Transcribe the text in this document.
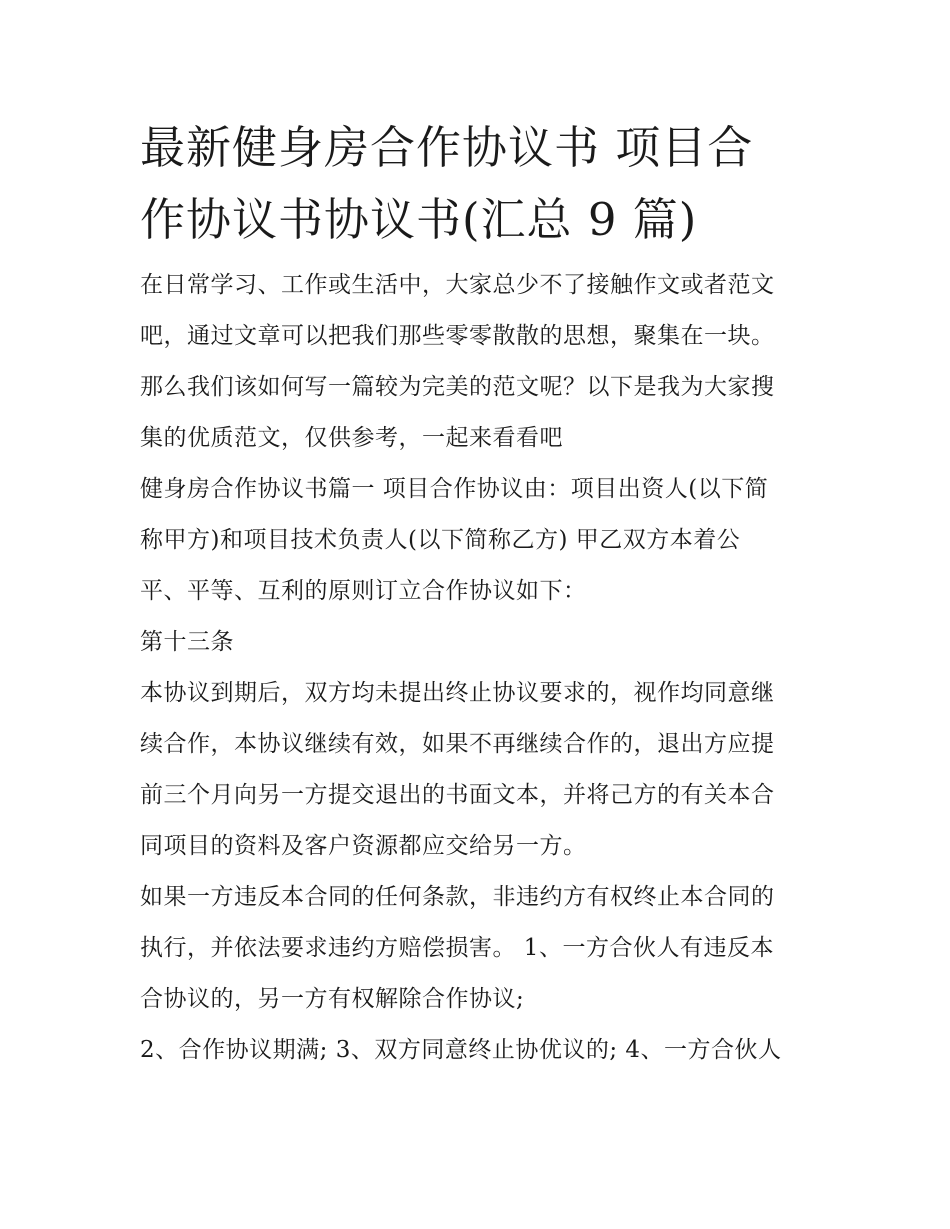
最新健身房合作协议书 项目合
作协议书协议书(汇总 9 篇)

在日常学习、工作或生活中，大家总少不了接触作文或者范文

吧，通过文章可以把我们那些零零散散的思想，聚集在一块。

那么我们该如何写一篇较为完美的范文呢？以下是我为大家搜

集的优质范文，仅供参考，一起来看看吧

健身房合作协议书篇一 项目合作协议由：项目出资人(以下简

称甲方)和项目技术负责人(以下简称乙方) 甲乙双方本着公

平、平等、互利的原则订立合作协议如下：

第十三条

本协议到期后，双方均未提出终止协议要求的，视作均同意继

续合作，本协议继续有效，如果不再继续合作的，退出方应提

前三个月向另一方提交退出的书面文本，并将己方的有关本合

同项目的资料及客户资源都应交给另一方。

如果一方违反本合同的任何条款，非违约方有权终止本合同的

执行，并依法要求违约方赔偿损害。 1、一方合伙人有违反本

合协议的，另一方有权解除合作协议;

2、合作协议期满; 3、双方同意终止协优议的; 4、一方合伙人
